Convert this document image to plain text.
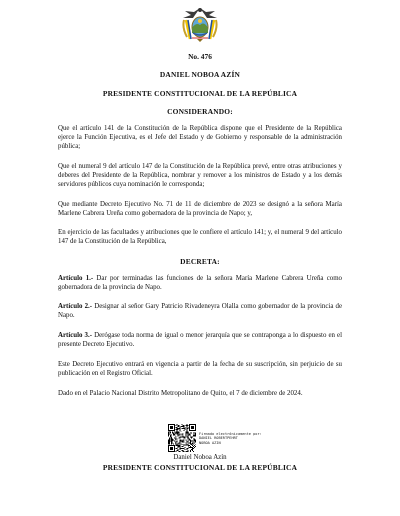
No. 476
DANIEL NOBOA AZÍN
PRESIDENTE CONSTITUCIONAL DE LA REPÚBLICA
CONSIDERANDO:

Que el artículo 141 de la Constitución de la República dispone que el Presidente de la República ejerce la Función Ejecutiva, es el Jefe del Estado y de Gobierno y responsable de la administración pública;

Que el numeral 9 del artículo 147 de la Constitución de la República prevé, entre otras atribuciones y deberes del Presidente de la República, nombrar y remover a los ministros de Estado y a los demás servidores públicos cuya nominación le corresponda;

Que mediante Decreto Ejecutivo No. 71 de 11 de diciembre de 2023 se designó a la señora María Marlene Cabrera Ureña como gobernadora de la provincia de Napo; y,

En ejercicio de las facultades y atribuciones que le confiere el artículo 141; y, el numeral 9 del artículo 147 de la Constitución de la República,

DECRETA:

Artículo 1.- Dar por terminadas las funciones de la señora María Marlene Cabrera Ureña como gobernadora de la provincia de Napo.

Artículo 2.- Designar al señor Gary Patricio Rivadeneyra Olalla como gobernador de la provincia de Napo.

Artículo 3.- Derógase toda norma de igual o menor jerarquía que se contraponga a lo dispuesto en el presente Decreto Ejecutivo.

Este Decreto Ejecutivo entrará en vigencia a partir de la fecha de su suscripción, sin perjuicio de su publicación en el Registro Oficial.

Dado en el Palacio Nacional Distrito Metropolitano de Quito, el 7 de diciembre de 2024.

Firmado electrónicamente por:
DANIEL ROBERTPEHRT
NOBOA AZIN
Daniel Noboa Azín
PRESIDENTE CONSTITUCIONAL DE LA REPÚBLICA
